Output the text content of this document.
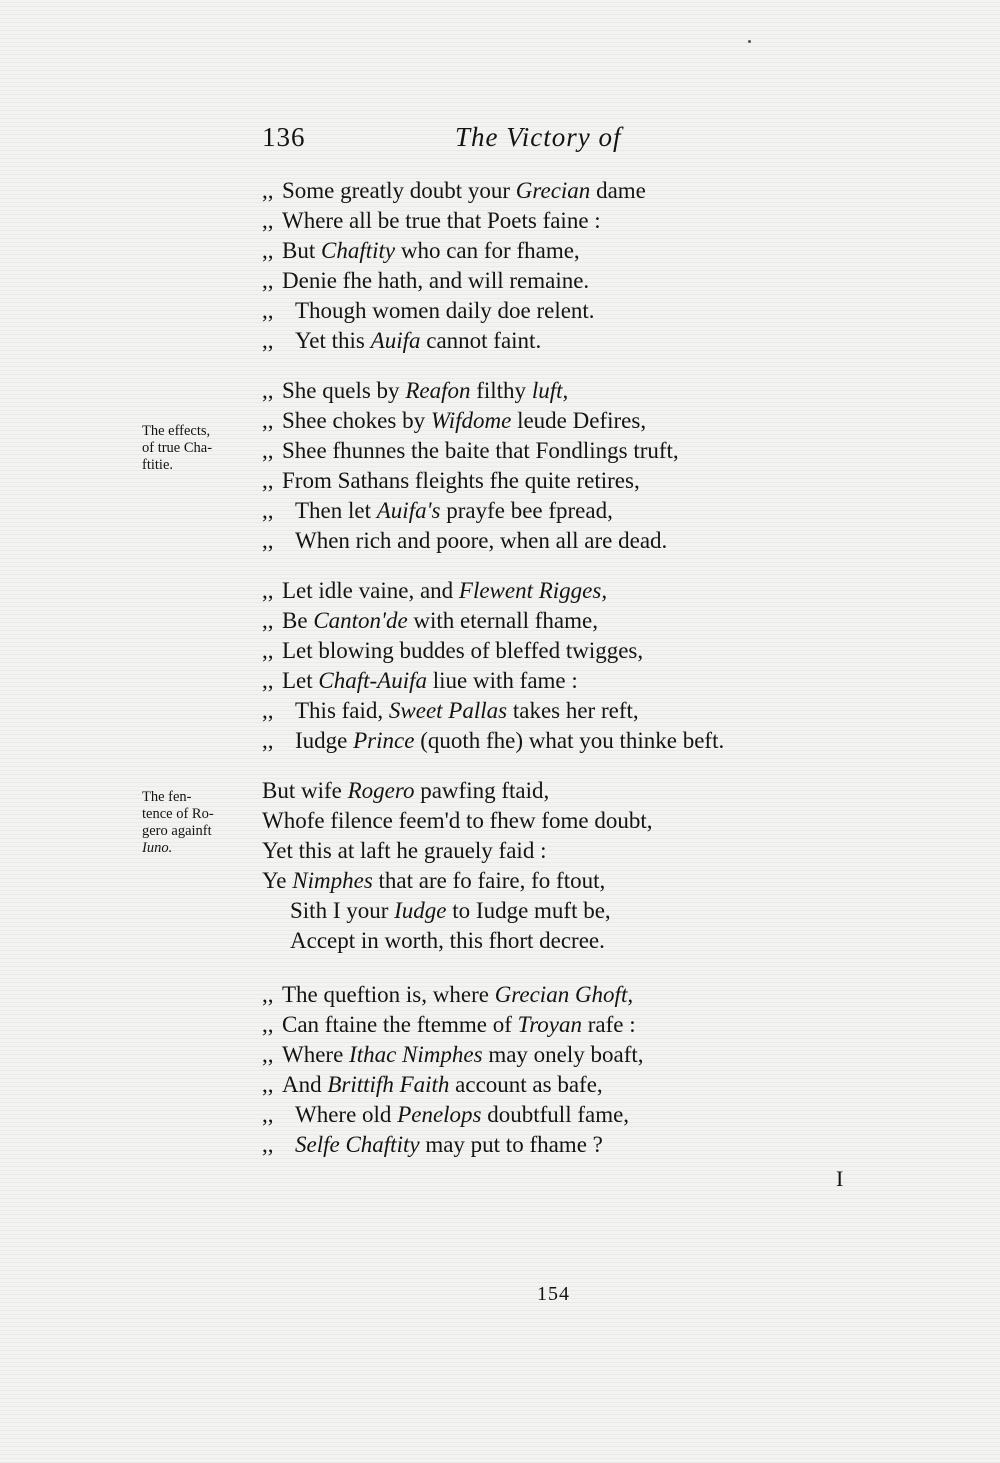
136	The Victory of
,, Some greatly doubt your Grecian dame
,, Where all be true that Poets faine :
,, But Chaftity who can for fhame,
,, Denie fhe hath, and will remaine.
,, Though women daily doe relent.
,, Yet this Auifa cannot faint.
,, She quels by Reafon filthy luft,
,, Shee chokes by Wifdome leude Defires,
,, Shee fhunnes the baite that Fondlings truft,
,, From Sathans fleights fhe quite retires,
,, Then let Auifa's prayfe bee fpread,
,, When rich and poore, when all are dead.
,, Let idle vaine, and Flewent Rigges,
,, Be Canton'de with eternall fhame,
,, Let blowing buddes of bleffed twigges,
,, Let Chaft-Auifa liue with fame :
,, This faid, Sweet Pallas takes her reft,
,, Iudge Prince (quoth fhe) what you thinke beft.
But wife Rogero pawfing ftaid,
Whofe filence feem'd to fhew fome doubt,
Yet this at laft he grauely faid :
Ye Nimphes that are fo faire, fo ftout,
Sith I your Iudge to Iudge muft be,
Accept in worth, this fhort decree.
,, The queftion is, where Grecian Ghoft,
,, Can ftaine the ftemme of Troyan rafe :
,, Where Ithac Nimphes may onely boaft,
,, And Brittifh Faith account as bafe,
,, Where old Penelops doubtfull fame,
,, Selfe Chaftity may put to fhame ?
The effects,
of true Cha-
ftitie.
The fen-
tence of Ro-
gero againft
Iuno.
I
154
